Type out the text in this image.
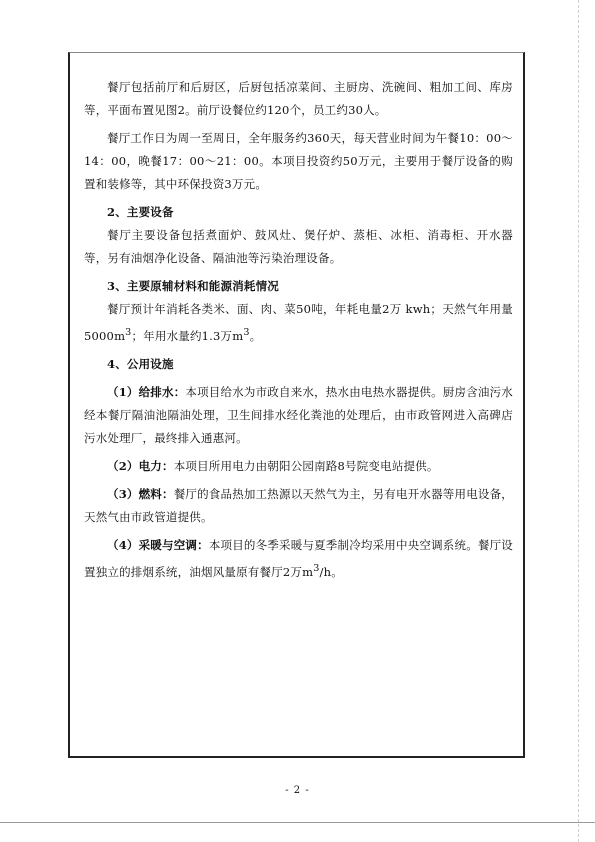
餐厅包括前厅和后厨区，后厨包括凉菜间、主厨房、洗碗间、粗加工间、库房等，平面布置见图2。前厅设餐位约120个，员工约30人。

餐厅工作日为周一至周日，全年服务约360天，每天营业时间为午餐10：00～14：00，晚餐17：00～21：00。本项目投资约50万元，主要用于餐厅设备的购置和装修等，其中环保投资3万元。

2、主要设备

餐厅主要设备包括煮面炉、鼓风灶、煲仔炉、蒸柜、冰柜、消毒柜、开水器等，另有油烟净化设备、隔油池等污染治理设备。

3、主要原辅材料和能源消耗情况

餐厅预计年消耗各类米、面、肉、菜50吨，年耗电量2万 kwh；天然气年用量$5000m^3$；年用水量约1.3万$m^3$。

4、公用设施

（1）给排水：本项目给水为市政自来水，热水由电热水器提供。厨房含油污水经本餐厅隔油池隔油处理，卫生间排水经化粪池的处理后，由市政管网进入高碑店污水处理厂，最终排入通惠河。

（2）电力：本项目所用电力由朝阳公园南路8号院变电站提供。

（3）燃料：餐厅的食品热加工热源以天然气为主，另有电开水器等用电设备，天然气由市政管道提供。

（4）采暖与空调：本项目的冬季采暖与夏季制冷均采用中央空调系统。餐厅设置独立的排烟系统，油烟风量原有餐厅2万$m^3/h$。

- 2 -
